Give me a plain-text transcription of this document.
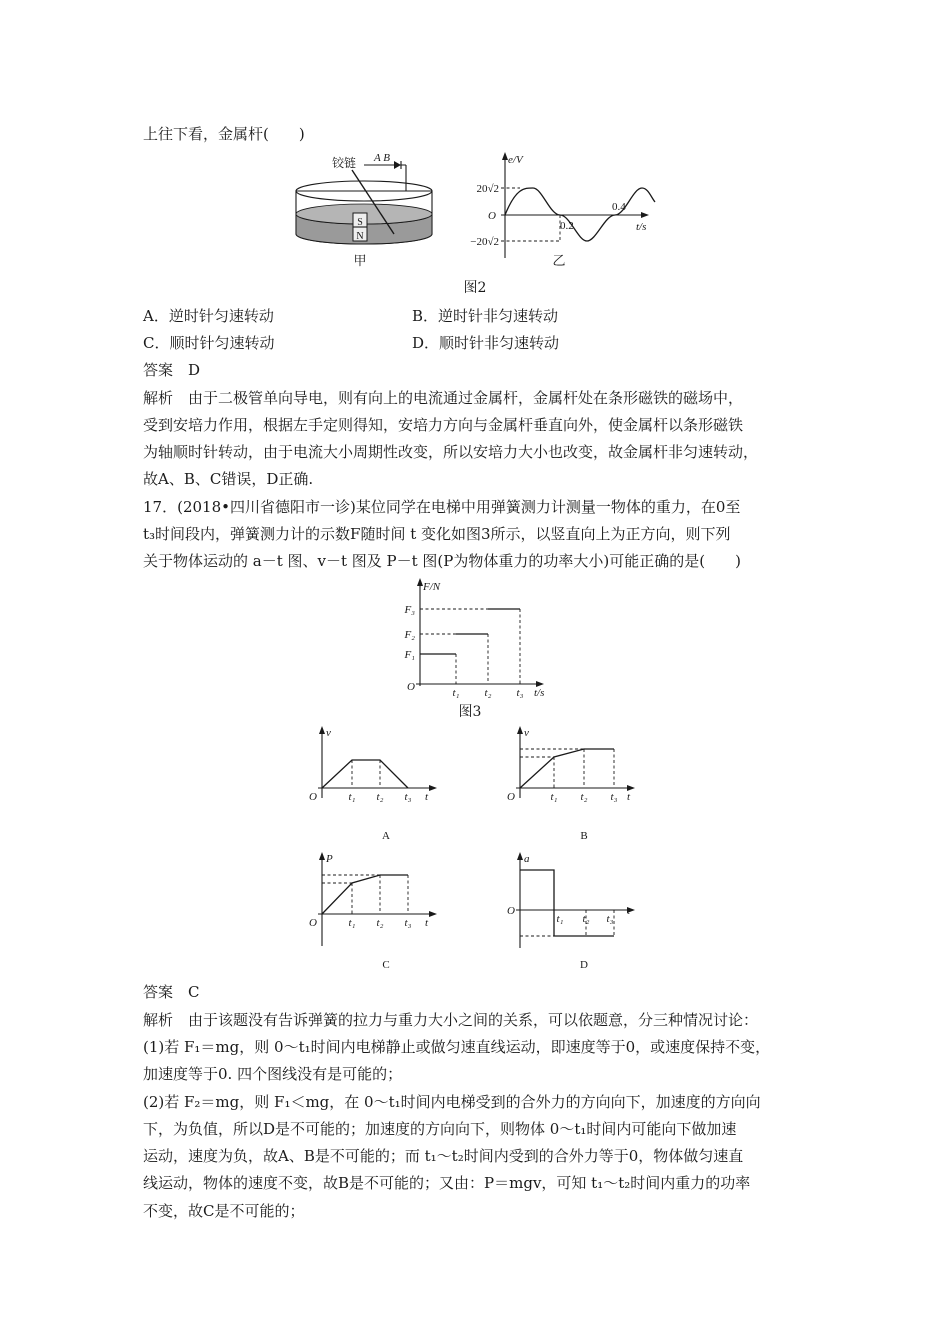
上往下看，金属杆(　　)
S
N
铰链 A B
甲
e/V
20√2
−20√2
O
0.2
0.4
t/s
乙
图2
A．逆时针匀速转动	B．逆时针非匀速转动
C．顺时针匀速转动	D．顺时针非匀速转动
答案　D
解析　由于二极管单向导电，则有向上的电流通过金属杆，金属杆处在条形磁铁的磁场中，
受到安培力作用，根据左手定则得知，安培力方向与金属杆垂直向外，使金属杆以条形磁铁
为轴顺时针转动，由于电流大小周期性改变，所以安培力大小也改变，故金属杆非匀速转动，
故A、B、C错误，D正确.
17．(2018•四川省德阳市一诊)某位同学在电梯中用弹簧测力计测量一物体的重力，在0至
t₃时间段内，弹簧测力计的示数F随时间 t 变化如图3所示，以竖直向上为正方向，则下列
关于物体运动的 a－t 图、v－t 图及 P－t 图(P为物体重力的功率大小)可能正确的是(　　)
F/N
F₃
F₂
F₁
O	t₁ t₂ t₃ t/s
图3
v
O	t₁ t₂ t₃ t
A
v
O	t₁ t₂ t₃ t
B
P
O	t₁ t₂ t₃ t
C
a
O
t₁ t₂ t₃
t
D
答案　C
解析　由于该题没有告诉弹簧的拉力与重力大小之间的关系，可以依题意，分三种情况讨论：
(1)若 F₁＝mg，则 0～t₁时间内电梯静止或做匀速直线运动，即速度等于0，或速度保持不变，
加速度等于0. 四个图线没有是可能的；
(2)若 F₂＝mg，则 F₁＜mg，在 0～t₁时间内电梯受到的合外力的方向向下，加速度的方向向
下，为负值，所以D是不可能的；加速度的方向向下，则物体 0～t₁时间内可能向下做加速
运动，速度为负，故A、B是不可能的；而 t₁～t₂时间内受到的合外力等于0，物体做匀速直
线运动，物体的速度不变，故B是不可能的；又由：P＝mgv，可知 t₁～t₂时间内重力的功率
不变，故C是不可能的；
